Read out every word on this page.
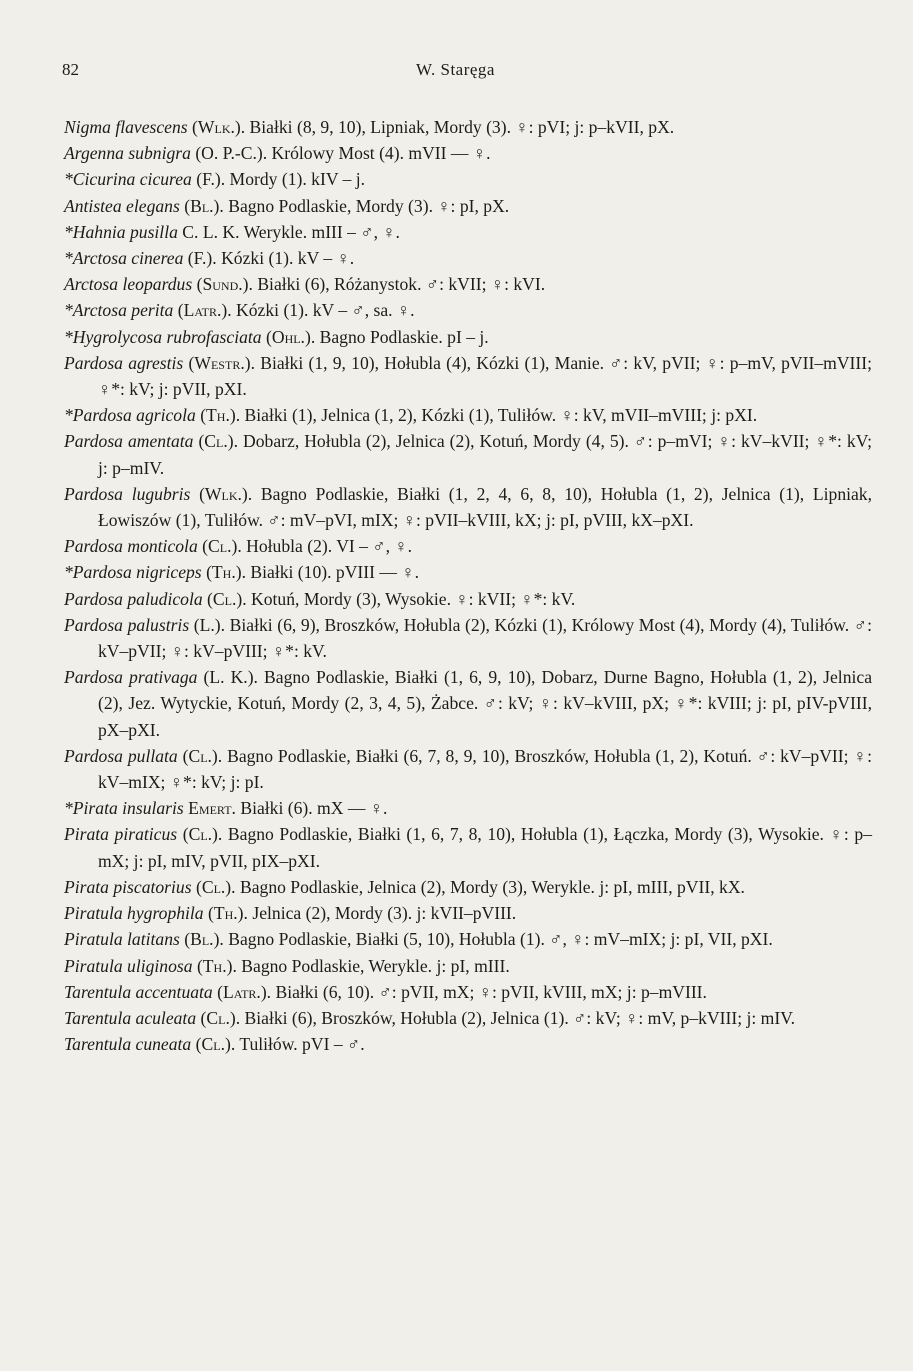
82	W. Staręga

Nigma flavescens (Wlk.). Białki (8, 9, 10), Lipniak, Mordy (3). ♀: pVI; j: p–kVII, pX.

Argenna subnigra (O. P.-C.). Królowy Most (4). mVII — ♀.

*Cicurina cicurea (F.). Mordy (1). kIV – j.

Antistea elegans (Bl.). Bagno Podlaskie, Mordy (3). ♀: pI, pX.

*Hahnia pusilla C. L. K. Werykle. mIII – ♂, ♀.

*Arctosa cinerea (F.). Kózki (1). kV – ♀.

Arctosa leopardus (Sund.). Białki (6), Różanystok. ♂: kVII; ♀: kVI.

*Arctosa perita (Latr.). Kózki (1). kV – ♂, sa. ♀.

*Hygrolycosa rubrofasciata (Ohl.). Bagno Podlaskie. pI – j.

Pardosa agrestis (Westr.). Białki (1, 9, 10), Hołubla (4), Kózki (1), Manie. ♂: kV, pVII; ♀: p–mV, pVII–mVIII; ♀*: kV; j: pVII, pXI.

*Pardosa agricola (Th.). Białki (1), Jelnica (1, 2), Kózki (1), Tuliłów. ♀: kV, mVII–mVIII; j: pXI.

Pardosa amentata (Cl.). Dobarz, Hołubla (2), Jelnica (2), Kotuń, Mordy (4, 5). ♂: p–mVI; ♀: kV–kVII; ♀*: kV; j: p–mIV.

Pardosa lugubris (Wlk.). Bagno Podlaskie, Białki (1, 2, 4, 6, 8, 10), Hołubla (1, 2), Jelnica (1), Lipniak, Łowiszów (1), Tuliłów. ♂: mV–pVI, mIX; ♀: pVII–kVIII, kX; j: pI, pVIII, kX–pXI.

Pardosa monticola (Cl.). Hołubla (2). VI – ♂, ♀.

*Pardosa nigriceps (Th.). Białki (10). pVIII — ♀.

Pardosa paludicola (Cl.). Kotuń, Mordy (3), Wysokie. ♀: kVII; ♀*: kV.

Pardosa palustris (L.). Białki (6, 9), Broszków, Hołubla (2), Kózki (1), Królowy Most (4), Mordy (4), Tuliłów. ♂: kV–pVII; ♀: kV–pVIII; ♀*: kV.

Pardosa prativaga (L. K.). Bagno Podlaskie, Białki (1, 6, 9, 10), Dobarz, Durne Bagno, Hołubla (1, 2), Jelnica (2), Jez. Wytyckie, Kotuń, Mordy (2, 3, 4, 5), Żabce. ♂: kV; ♀: kV–kVIII, pX; ♀*: kVIII; j: pI, pIV-pVIII, pX–pXI.

Pardosa pullata (Cl.). Bagno Podlaskie, Białki (6, 7, 8, 9, 10), Broszków, Hołubla (1, 2), Kotuń. ♂: kV–pVII; ♀: kV–mIX; ♀*: kV; j: pI.

*Pirata insularis Emert. Białki (6). mX — ♀.

Pirata piraticus (Cl.). Bagno Podlaskie, Białki (1, 6, 7, 8, 10), Hołubla (1), Łączka, Mordy (3), Wysokie. ♀: p–mX; j: pI, mIV, pVII, pIX–pXI.

Pirata piscatorius (Cl.). Bagno Podlaskie, Jelnica (2), Mordy (3), Werykle. j: pI, mIII, pVII, kX.

Piratula hygrophila (Th.). Jelnica (2), Mordy (3). j: kVII–pVIII.

Piratula latitans (Bl.). Bagno Podlaskie, Białki (5, 10), Hołubla (1). ♂, ♀: mV–mIX; j: pI, VII, pXI.

Piratula uliginosa (Th.). Bagno Podlaskie, Werykle. j: pI, mIII.

Tarentula accentuata (Latr.). Białki (6, 10). ♂: pVII, mX; ♀: pVII, kVIII, mX; j: p–mVIII.

Tarentula aculeata (Cl.). Białki (6), Broszków, Hołubla (2), Jelnica (1). ♂: kV; ♀: mV, p–kVIII; j: mIV.

Tarentula cuneata (Cl.). Tuliłów. pVI – ♂.
